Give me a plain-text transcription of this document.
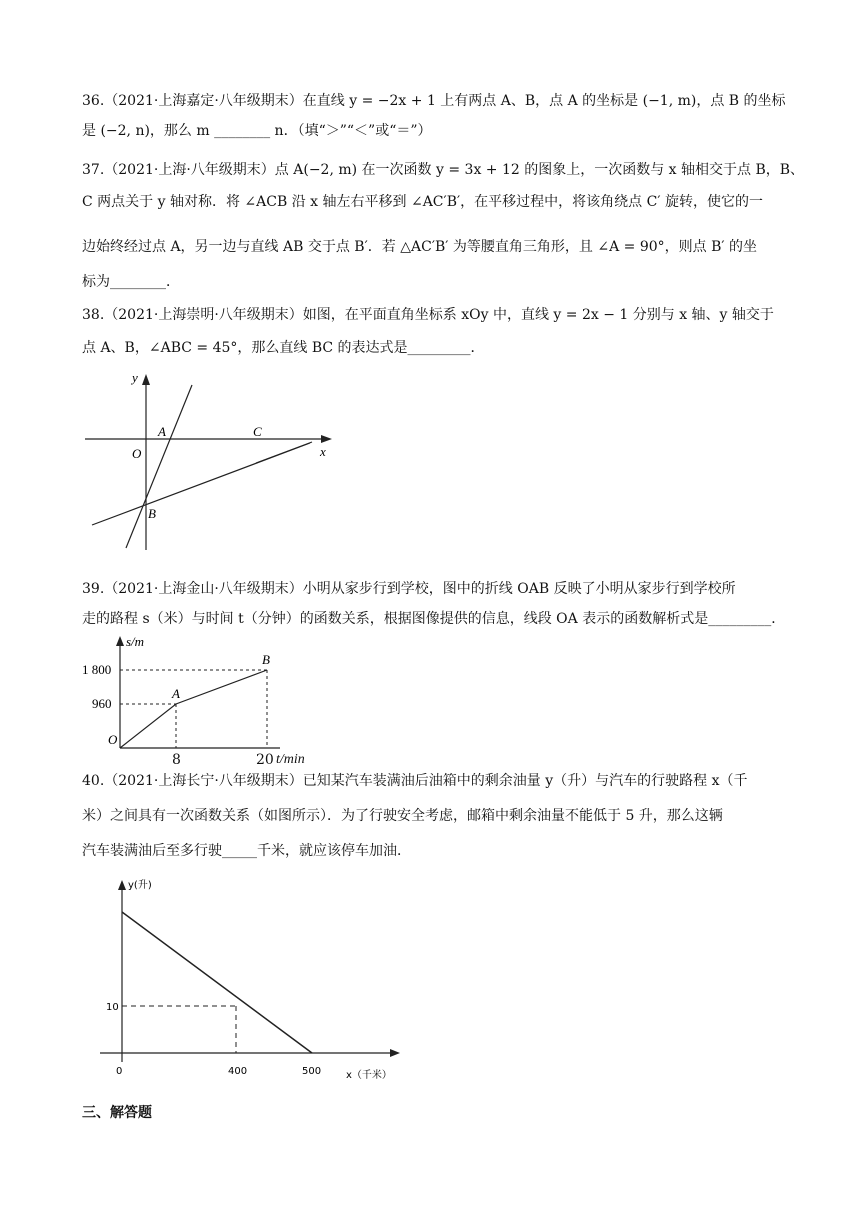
36.（2021·上海嘉定·八年级期末）在直线 y = −2x + 1 上有两点 A、B，点 A 的坐标是 (−1, m)，点 B 的坐标
是 (−2, n)，那么 m ________ n．（填“＞”“＜”或“＝”）
37.（2021·上海·八年级期末）点 A(−2, m) 在一次函数 y = 3x + 12 的图象上，一次函数与 x 轴相交于点 B，B、
C 两点关于 y 轴对称．将 ∠ACB 沿 x 轴左右平移到 ∠AC′B′，在平移过程中，将该角绕点 C′ 旋转，使它的一
边始终经过点 A，另一边与直线 AB 交于点 B′．若 △AC′B′ 为等腰直角三角形，且 ∠A = 90°，则点 B′ 的坐
标为________．
38.（2021·上海崇明·八年级期末）如图，在平面直角坐标系 xOy 中，直线 y = 2x − 1 分别与 x 轴、y 轴交于
点 A、B，∠ABC = 45°，那么直线 BC 的表达式是_________．
y
x
O
A
B
C
39.（2021·上海金山·八年级期末）小明从家步行到学校，图中的折线 OAB 反映了小明从家步行到学校所
走的路程 s（米）与时间 t（分钟）的函数关系，根据图像提供的信息，线段 OA 表示的函数解析式是_________．
s/m
1 800
960
O
A
B
8	20 t/min
40.（2021·上海长宁·八年级期末）已知某汽车装满油后油箱中的剩余油量 y（升）与汽车的行驶路程 x（千
米）之间具有一次函数关系（如图所示）．为了行驶安全考虑，邮箱中剩余油量不能低于 5 升，那么这辆
汽车装满油后至多行驶_____千米，就应该停车加油．
y(升)
10
0	400	500 x（千米）
三、解答题
